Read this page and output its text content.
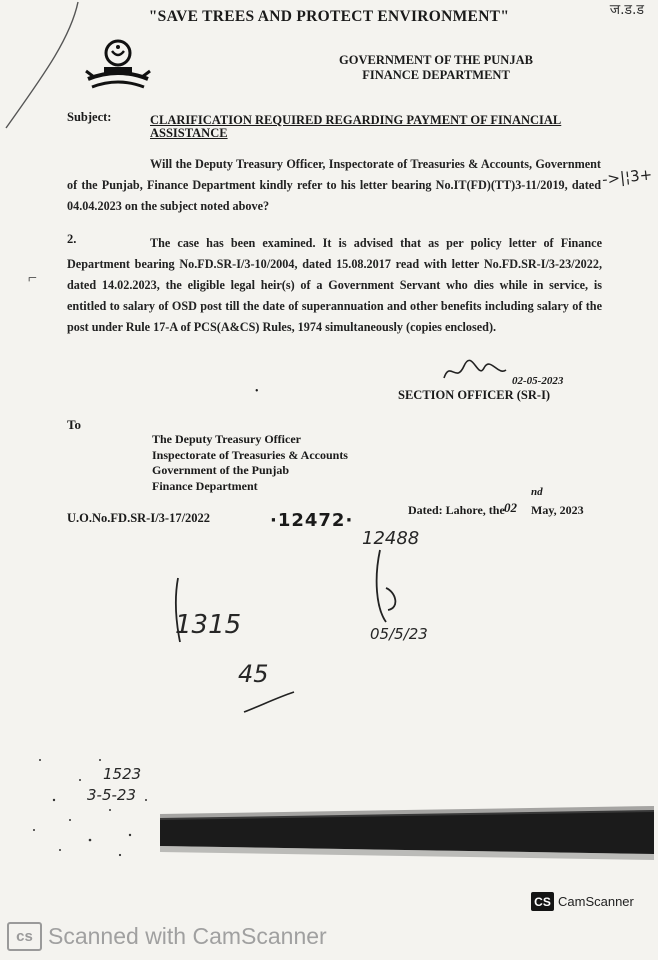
"SAVE TREES AND PROTECT ENVIRONMENT"	ज.ड.ड
GOVERNMENT OF THE PUNJAB
FINANCE DEPARTMENT
Subject:	CLARIFICATION REQUIRED REGARDING PAYMENT OF FINANCIAL ASSISTANCE
Will the Deputy Treasury Officer, Inspectorate of Treasuries & Accounts, Government of the Punjab, Finance Department kindly refer to his letter bearing No.IT(FD)(TT)3-11/2019, dated 04.04.2023 on the subject noted above?
->|¦3+
2.	The case has been examined. It is advised that as per policy letter of Finance Department bearing No.FD.SR-I/3-10/2004, dated 15.08.2017 read with letter No.FD.SR-I/3-23/2022, dated 14.02.2023, the eligible legal heir(s) of a Government Servant who dies while in service, is entitled to salary of OSD post till the date of superannuation and other benefits including salary of the post under Rule 17-A of PCS(A&CS) Rules, 1974 simultaneously (copies enclosed).
⌐
02-05-2023
SECTION OFFICER (SR-I)
•
To
The Deputy Treasury Officer
Inspectorate of Treasuries & Accounts
Government of the Punjab
Finance Department
U.O.No.FD.SR-I/3-17/2022	·12472·	Dated: Lahore, the 02
nd
May, 2023
12488
05/5/23
1315
45
1523
3-5-23
CS CamScanner
cs Scanned with CamScanner
